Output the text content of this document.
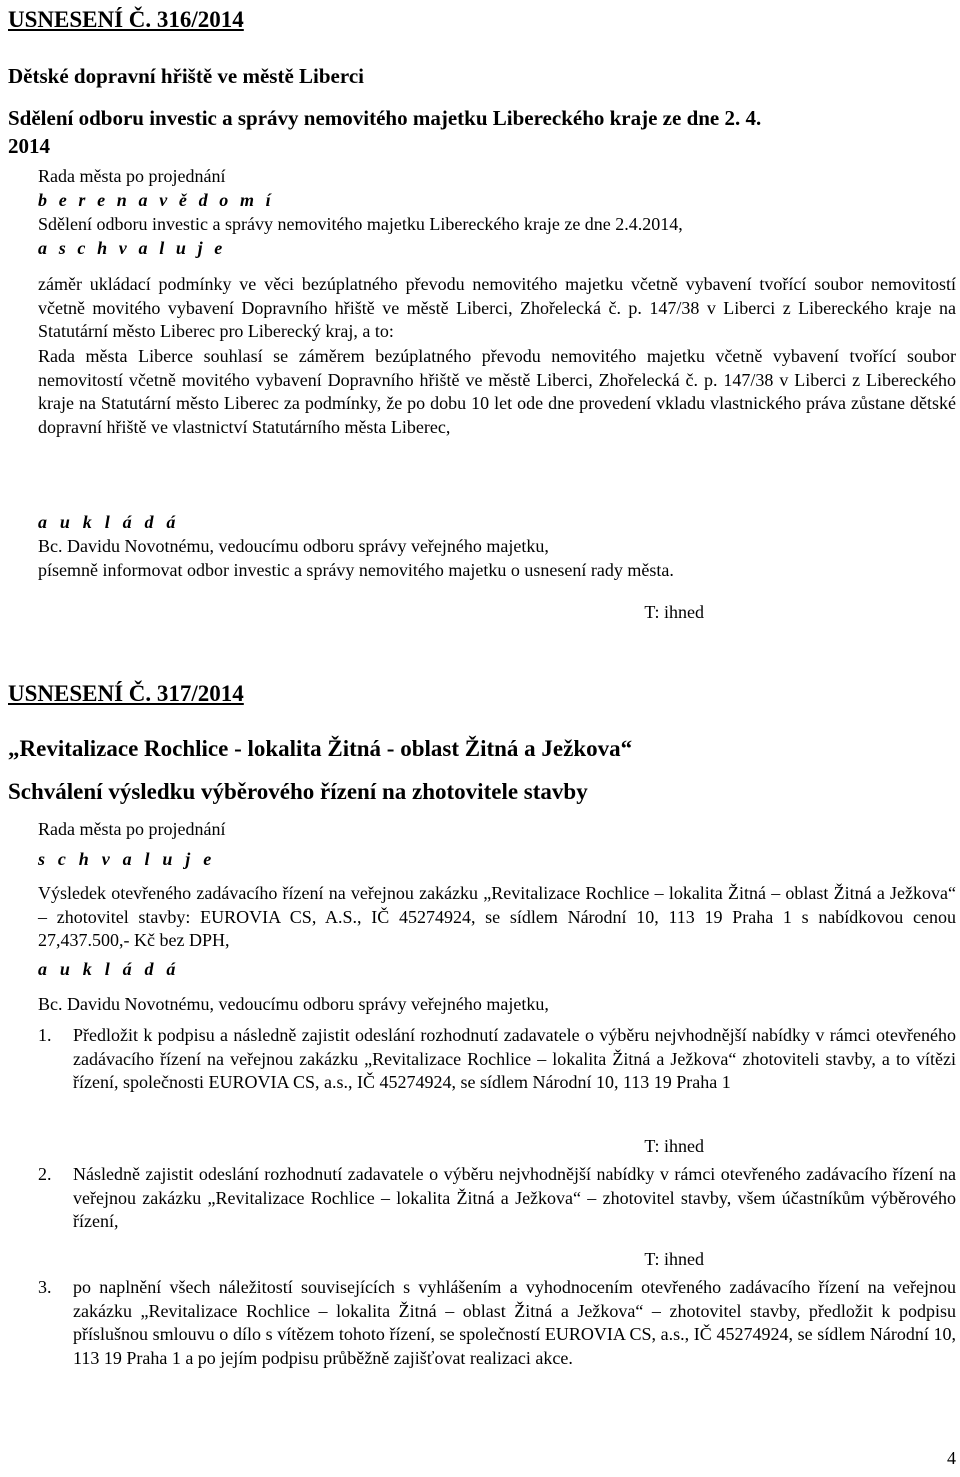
USNESENÍ Č. 316/2014
Dětské dopravní hřiště ve městě Liberci
Sdělení odboru investic a správy nemovitého majetku Libereckého kraje ze dne 2. 4.
2014
Rada města po projednání
b e r e n a v ě d o m í
Sdělení odboru investic a správy nemovitého majetku Libereckého kraje ze dne 2.4.2014,
a s c h v a l u j e

záměr ukládací podmínky ve věci bezúplatného převodu nemovitého majetku včetně vybavení tvořící soubor nemovitostí včetně movitého vybavení Dopravního hřiště ve městě Liberci, Zhořelecká č. p. 147/38 v Liberci z Libereckého kraje na Statutární město Liberec pro Liberecký kraj, a to:

Rada města Liberce souhlasí se záměrem bezúplatného převodu nemovitého majetku včetně vybavení tvořící soubor nemovitostí včetně movitého vybavení Dopravního hřiště ve městě Liberci, Zhořelecká č. p. 147/38 v Liberci z Libereckého kraje na Statutární město Liberec za podmínky, že po dobu 10 let ode dne provedení vkladu vlastnického práva zůstane dětské dopravní hřiště ve vlastnictví Statutárního města Liberec,

a u k l á d á
Bc. Davidu Novotnému, vedoucímu odboru správy veřejného majetku,
písemně informovat odbor investic a správy nemovitého majetku o usnesení rady města.
T: ihned
USNESENÍ Č. 317/2014
„Revitalizace Rochlice - lokalita Žitná - oblast Žitná a Ježkova“
Schválení výsledku výběrového řízení na zhotovitele stavby
Rada města po projednání
s c h v a l u j e

Výsledek otevřeného zadávacího řízení na veřejnou zakázku „Revitalizace Rochlice – lokalita Žitná – oblast Žitná a Ježkova“ – zhotovitel stavby: EUROVIA CS, A.S., IČ 45274924, se sídlem Národní 10, 113 19 Praha 1 s nabídkovou cenou 27,437.500,- Kč bez DPH,

a u k l á d á
Bc. Davidu Novotnému, vedoucímu odboru správy veřejného majetku,
1. Předložit k podpisu a následně zajistit odeslání rozhodnutí zadavatele o výběru nejvhodnější nabídky v rámci otevřeného zadávacího řízení na veřejnou zakázku „Revitalizace Rochlice – lokalita Žitná a Ježkova“ zhotoviteli stavby, a to vítězi řízení, společnosti EUROVIA CS, a.s., IČ 45274924, se sídlem Národní 10, 113 19 Praha 1

T: ihned
2. Následně zajistit odeslání rozhodnutí zadavatele o výběru nejvhodnější nabídky v rámci otevřeného zadávacího řízení na veřejnou zakázku „Revitalizace Rochlice – lokalita Žitná a Ježkova“ – zhotovitel stavby, všem účastníkům výběrového řízení,

T: ihned
3. po naplnění všech náležitostí souvisejících s vyhlášením a vyhodnocením otevřeného zadávacího řízení na veřejnou zakázku „Revitalizace Rochlice – lokalita Žitná – oblast Žitná a Ježkova“ – zhotovitel stavby, předložit k podpisu příslušnou smlouvu o dílo s vítězem tohoto řízení, se společností EUROVIA CS, a.s., IČ 45274924, se sídlem Národní 10, 113 19 Praha 1 a po jejím podpisu průběžně zajišťovat realizaci akce.

4
